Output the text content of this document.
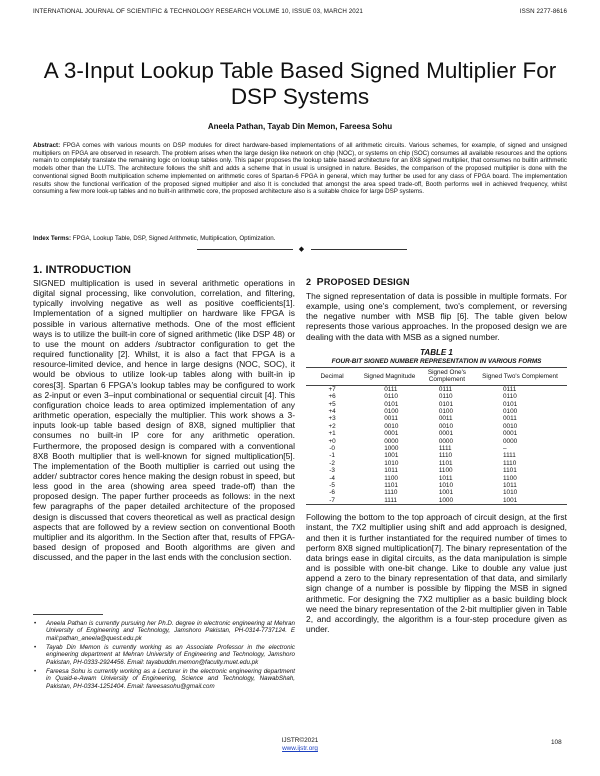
INTERNATIONAL JOURNAL OF SCIENTIFIC & TECHNOLOGY RESEARCH VOLUME 10, ISSUE 03, MARCH 2021	ISSN 2277-8616
A 3-Input Lookup Table Based Signed Multiplier For DSP Systems
Aneela Pathan, Tayab Din Memon, Fareesa Sohu

Abstract: FPGA comes with various mounts on DSP modules for direct hardware-based implementations of all arithmetic circuits. Various schemes, for example, of signed and unsigned multipliers on FPGA are observed in research. The problem arises when the large design like network on chip (NOC), or systems on chip (SOC) consumes all available resources and the options remain to completely translate the remaining logic on lookup tables only. This paper proposes the lookup table based architecture for an 8X8 signed multiplier, that consumes no builtin arithmetic models other than the LUTS. The architecture follows the shift and adds a scheme that in usual is unsigned in nature. Besides, the comparison of the proposed multiplier is done with the conventional signed Booth multiplication scheme implemented on arithmetic cores of Spartan-6 FPGA in general, which may further be used for any class of FPGA board. The implementation results show the functional verification of the proposed signed multiplier and also It is concluded that amongst the area speed trade-off, Booth performs well in achieved frequency, whilst consuming a few more look-up tables and no built-in arithmetic core, the proposed architecture also is a suitable choice for large DSP systems.

Index Terms: FPGA, Lookup Table, DSP, Signed Arithmetic, Multiplication, Optimization.

◆
1. INTRODUCTION

SIGNED multiplication is used in several arithmetic operations in digital signal processing, like convolution, correlation, and filtering, typically involving negative as well as positive coefficients[1]. Implementation of a signed multiplier on hardware like FPGA is possible in various alternative methods. One of the most efficient ways is to utilize the built-in core of signed arithmetic (like DSP 48) or to use the mount on adders /subtractor configuration to get the required functionality [2]. Whilst, it is also a fact that FPGA is a resource-limited device, and hence in large designs (NOC, SOC), it would be obvious to utilize look-up tables along with built-in ip cores[3]. Spartan 6 FPGA's lookup tables may be configured to work as 2-input or even 3–input combinational or sequential circuit [4]. This configuration choice leads to area optimized implementation of any arithmetic operation, especially the multiplier. This work shows a 3-inputs look-up table based design of 8X8, signed multiplier that consumes no built-in IP core for any arithmetic operation. Furthermore, the proposed design is compared with a conventional 8X8 Booth multiplier that is well-known for signed multiplication[5]. The implementation of the Booth multiplier is carried out using the adder/ subtractor cores hence making the design robust in speed, but less good in the area (showing area speed trade-off) than the proposed design. The paper further proceeds as follows: in the next few paragraphs of the paper detailed architecture of the proposed design is discussed that covers theoretical as well as practical design aspects that are followed by a review section on conventional Booth multiplier and its algorithm. In the Section after that, results of FPGA-based design of proposed and Booth algorithms are given and discussed, and the paper in the last ends with the conclusion section.

• Aneela Pathan is currently pursuing her Ph.D. degree in electronic engineering at Mehran University of Engineering and Technology, Jamshoro Pakistan, PH-0314-7737124. E mail:pathan_aneela@quest.edu.pk
• Tayab Din Memon is currently working as an Associate Professor in the electronic engineering department at Mehran University of Engineering and Technology, Jamshoro Pakistan, PH-0333-2924456. Email: tayabuddin.memon@faculty.muet.edu.pk
• Fareesa Sohu is currently working as a Lecturer in the electronic engineering department in Quaid-e-Awam University of Engineering, Science and Technology, NawabShah, Pakistan, PH-0334-1251404. Email: fareesasohu@gmail.com
2 PROPOSED DESIGN

The signed representation of data is possible in multiple formats. For example, using one's complement, two's complement, or reversing the negative number with MSB flip [6]. The table given below represents those various approaches. In the proposed design we are dealing with the data with MSB as a signed number.

TABLE 1
FOUR-BIT SIGNED NUMBER REPRESENTATION IN VARIOUS FORMS
Decimal	Signed Magnitude	Signed One's Complement	Signed Two's Complement
+7	0111	0111	0111
+6	0110	0110	0110
+5	0101	0101	0101
+4	0100	0100	0100
+3	0011	0011	0011
+2	0010	0010	0010
+1	0001	0001	0001
+0	0000	0000	0000
-0	1000	1111	–
-1	1001	1110	1111
-2	1010	1101	1110
-3	1011	1100	1101
-4	1100	1011	1100
-5	1101	1010	1011
-6	1110	1001	1010
-7	1111	1000	1001

Following the bottom to the top approach of circuit design, at the first instant, the 7X2 multiplier using shift and add approach is designed, and then it is further instantiated for the required number of times to perform 8X8 signed multiplication[7]. The binary representation of the data brings ease in digital circuits, as the data manipulation is simple and is possible with one-bit change. Like to double any value just append a zero to the binary representation of that data, and similarly sign change of a number is possible by flipping the MSB in signed arithmetic. For designing the 7X2 multiplier as a basic building block we need the binary representation of the 2-bit multiplier given in Table 2, and accordingly, the algorithm is a four-step procedure given as under.

IJSTR©2021
www.ijstr.org
108
